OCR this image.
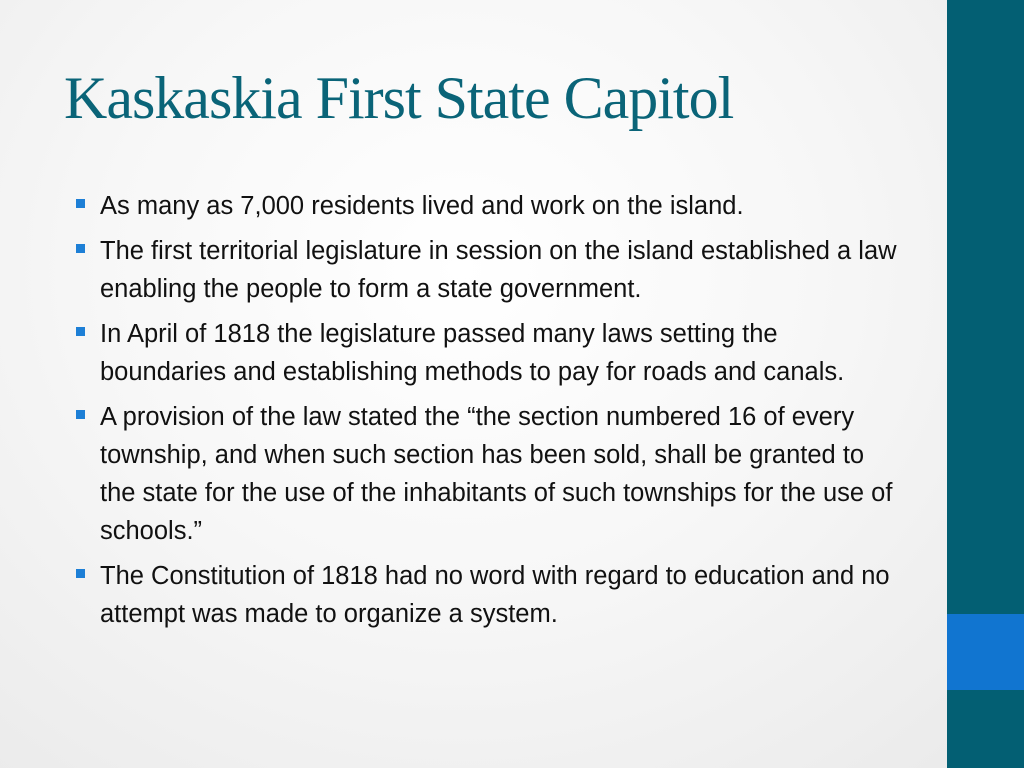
Kaskaskia First State Capitol
As many as 7,000 residents lived and work on the island.
The first territorial legislature in session on the island established a law enabling the people to form a state government.
In April of 1818 the legislature passed many laws setting the boundaries and establishing methods to pay for roads and canals.
A provision of the law stated the “the section numbered 16 of every township, and when such section has been sold, shall be granted to the state for the use of the inhabitants of such townships for the use of schools.”
The Constitution of 1818 had no word with regard to education and no attempt was made to organize a system.
